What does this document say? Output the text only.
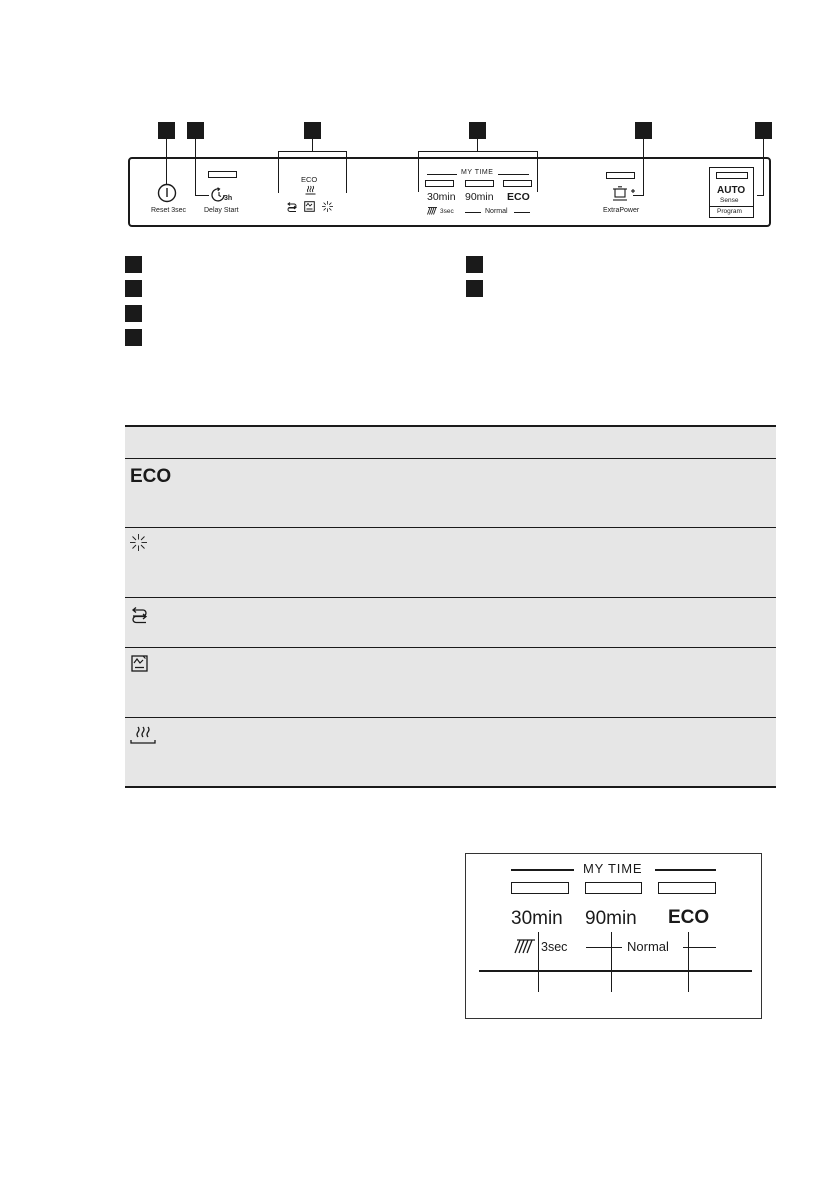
Reset 3sec
3h
Delay Start
ECO
MY TIME
30min 90min ECO
3sec	Normal	ExtraPower
AUTO
Sense
Program
ECO
MY TIME
30min 90min ECO
3sec	Normal
